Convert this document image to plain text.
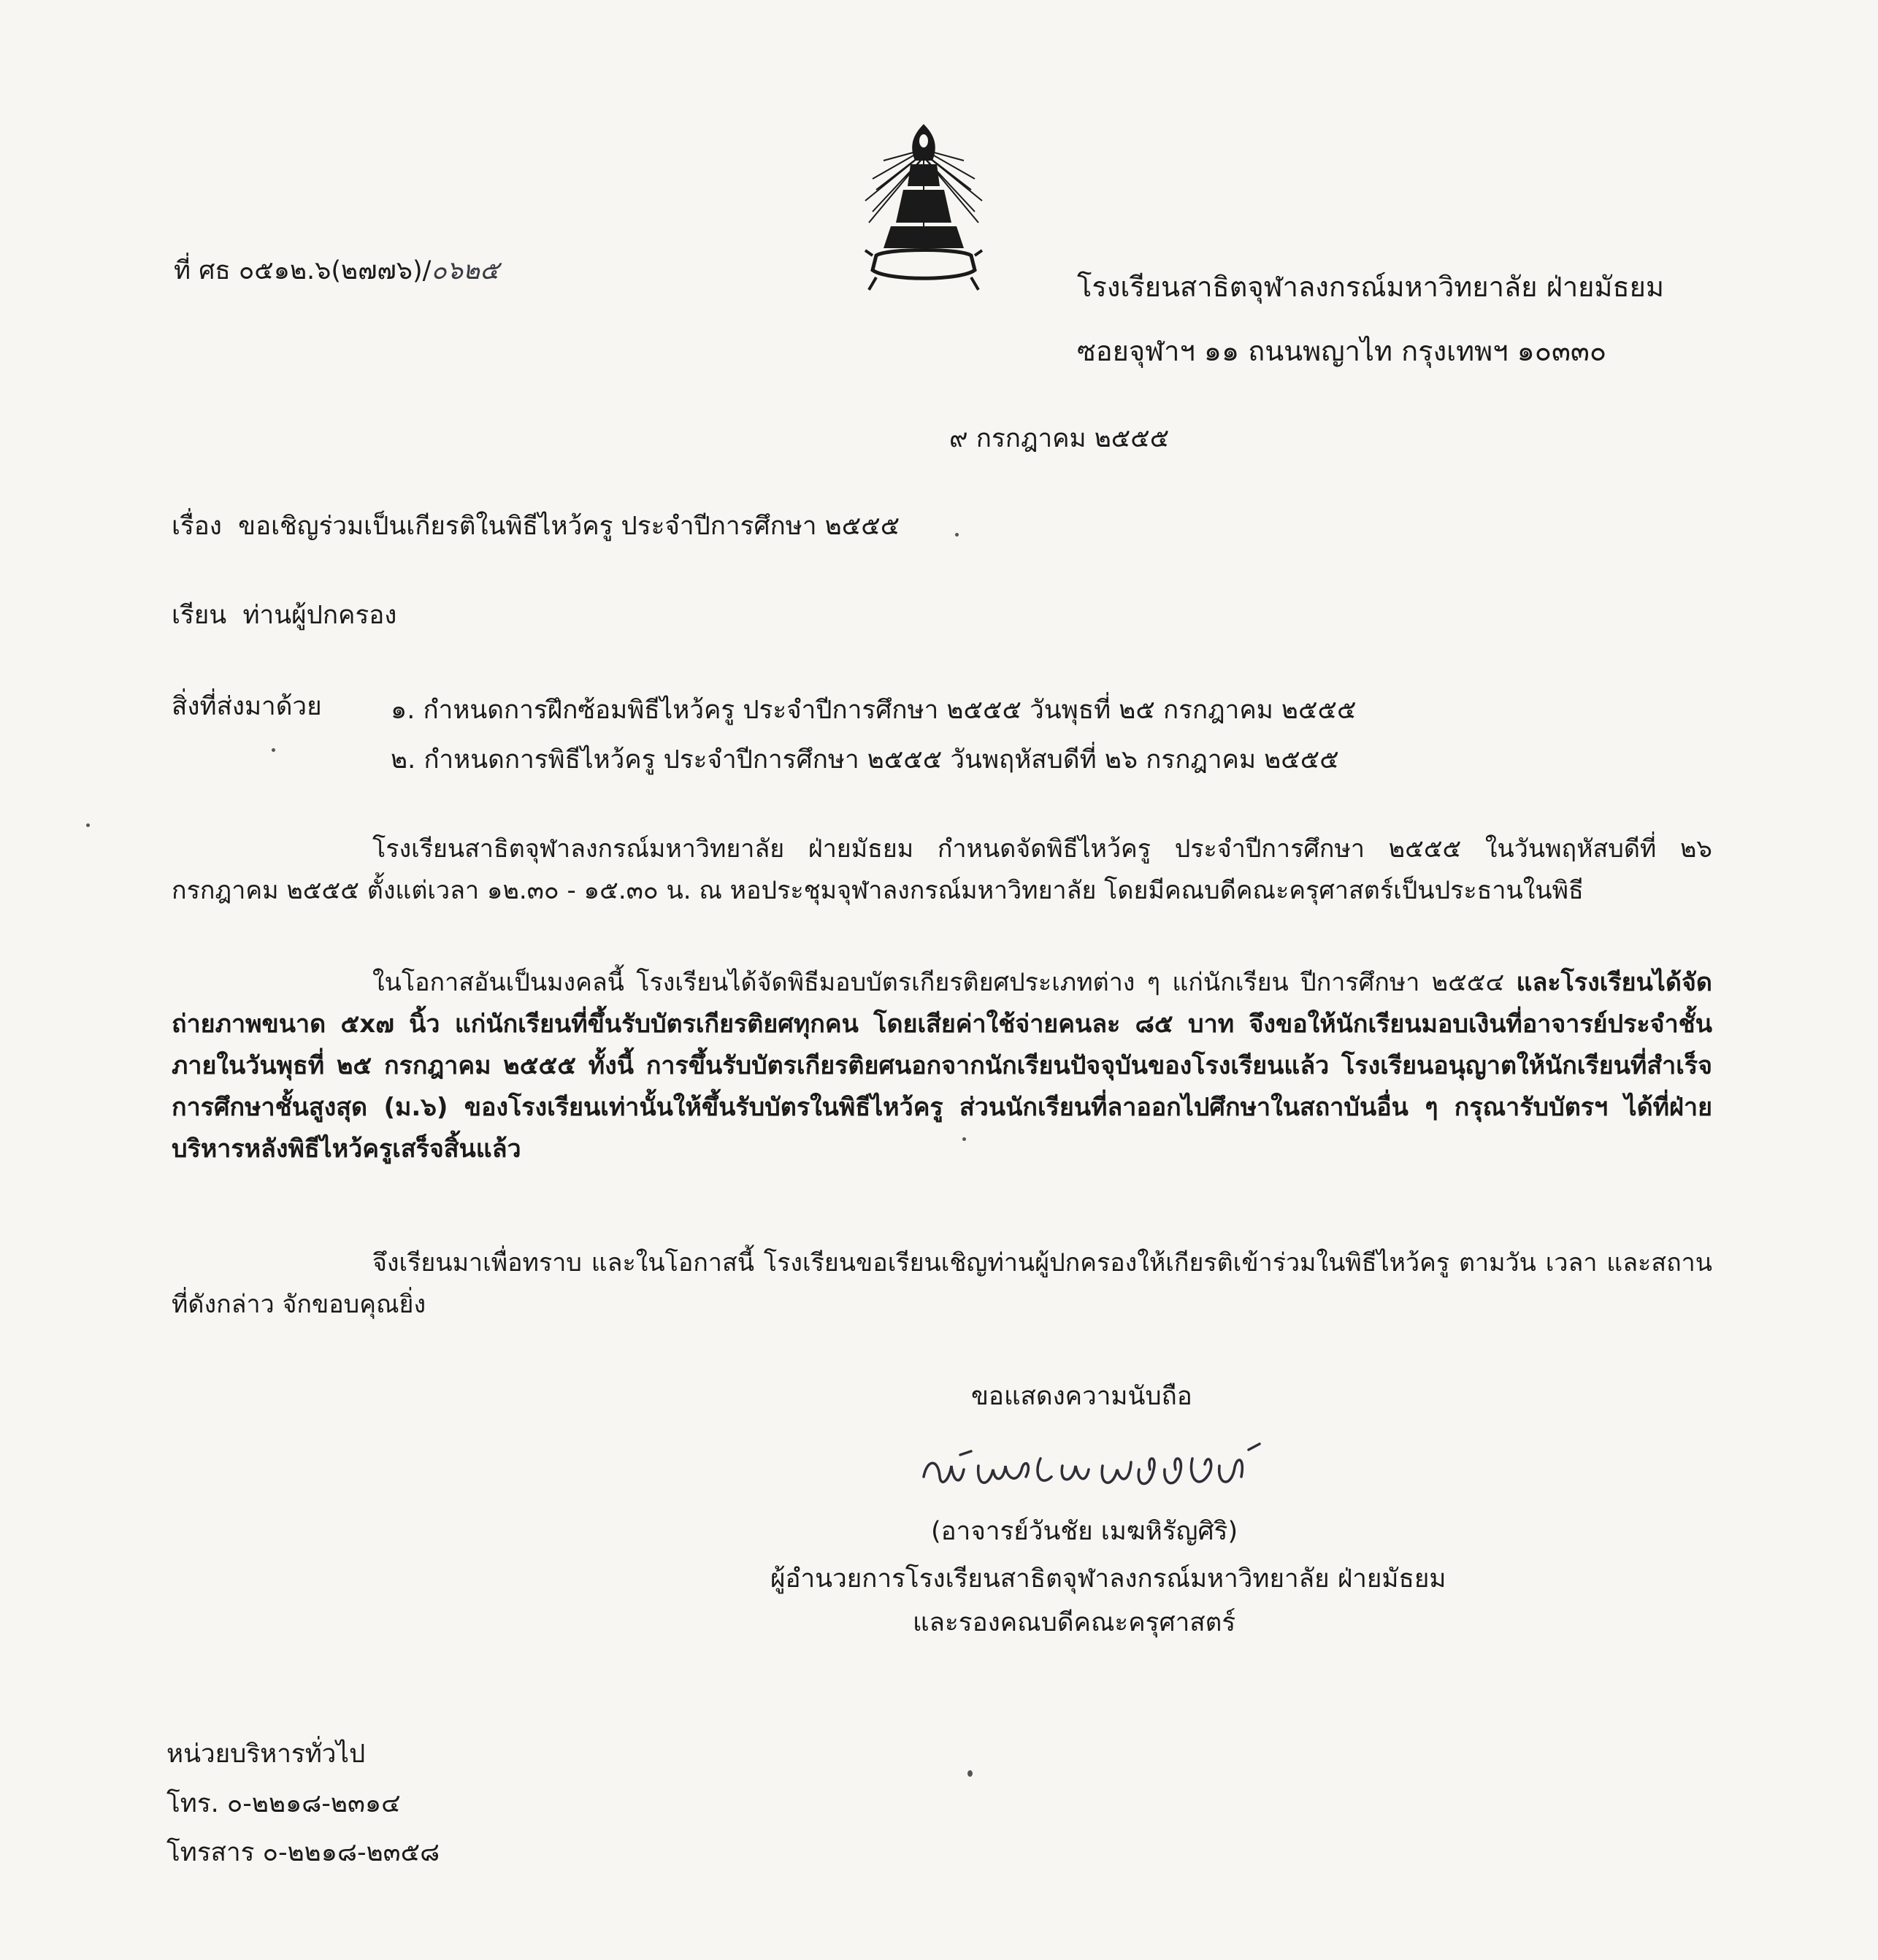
ที่ ศธ ๐๕๑๒.๖(๒๗๗๖)/๐๖๒๕	โรงเรียนสาธิตจุฬาลงกรณ์มหาวิทยาลัย ฝ่ายมัธยม
ซอยจุฬาฯ ๑๑ ถนนพญาไท กรุงเทพฯ ๑๐๓๓๐
๙ กรกฎาคม ๒๕๕๕
เรื่อง ขอเชิญร่วมเป็นเกียรติในพิธีไหว้ครู ประจำปีการศึกษา ๒๕๕๕
เรียน ท่านผู้ปกครอง
สิ่งที่ส่งมาด้วย	๑. กำหนดการฝึกซ้อมพิธีไหว้ครู ประจำปีการศึกษา ๒๕๕๕ วันพุธที่ ๒๕ กรกฎาคม ๒๕๕๕
๒. กำหนดการพิธีไหว้ครู ประจำปีการศึกษา ๒๕๕๕ วันพฤหัสบดีที่ ๒๖ กรกฎาคม ๒๕๕๕
โรงเรียนสาธิตจุฬาลงกรณ์มหาวิทยาลัย ฝ่ายมัธยม กำหนดจัดพิธีไหว้ครู ประจำปีการศึกษา ๒๕๕๕ ในวันพฤหัสบดีที่ ๒๖ กรกฎาคม ๒๕๕๕ ตั้งแต่เวลา ๑๒.๓๐ - ๑๕.๓๐ น. ณ หอประชุมจุฬาลงกรณ์มหาวิทยาลัย โดยมีคณบดีคณะครุศาสตร์เป็นประธานในพิธี
ในโอกาสอันเป็นมงคลนี้ โรงเรียนได้จัดพิธีมอบบัตรเกียรติยศประเภทต่าง ๆ แก่นักเรียน ปีการศึกษา ๒๕๕๔ และโรงเรียนได้จัดถ่ายภาพขนาด ๕x๗ นิ้ว แก่นักเรียนที่ขึ้นรับบัตรเกียรติยศทุกคน โดยเสียค่าใช้จ่ายคนละ ๘๕ บาท จึงขอให้นักเรียนมอบเงินที่อาจารย์ประจำชั้นภายในวันพุธที่ ๒๕ กรกฎาคม ๒๕๕๕ ทั้งนี้ การขึ้นรับบัตรเกียรติยศนอกจากนักเรียนปัจจุบันของโรงเรียนแล้ว โรงเรียนอนุญาตให้นักเรียนที่สำเร็จการศึกษาชั้นสูงสุด (ม.๖) ของโรงเรียนเท่านั้นให้ขึ้นรับบัตรในพิธีไหว้ครู ส่วนนักเรียนที่ลาออกไปศึกษาในสถาบันอื่น ๆ กรุณารับบัตรฯ ได้ที่ฝ่ายบริหารหลังพิธีไหว้ครูเสร็จสิ้นแล้ว
จึงเรียนมาเพื่อทราบ และในโอกาสนี้ โรงเรียนขอเรียนเชิญท่านผู้ปกครองให้เกียรติเข้าร่วมในพิธีไหว้ครู ตามวัน เวลา และสถานที่ดังกล่าว จักขอบคุณยิ่ง
ขอแสดงความนับถือ
(อาจารย์วันชัย เมฆหิรัญศิริ)
ผู้อำนวยการโรงเรียนสาธิตจุฬาลงกรณ์มหาวิทยาลัย ฝ่ายมัธยม
และรองคณบดีคณะครุศาสตร์
หน่วยบริหารทั่วไป
โทร. ๐-๒๒๑๘-๒๓๑๔
โทรสาร ๐-๒๒๑๘-๒๓๕๘
